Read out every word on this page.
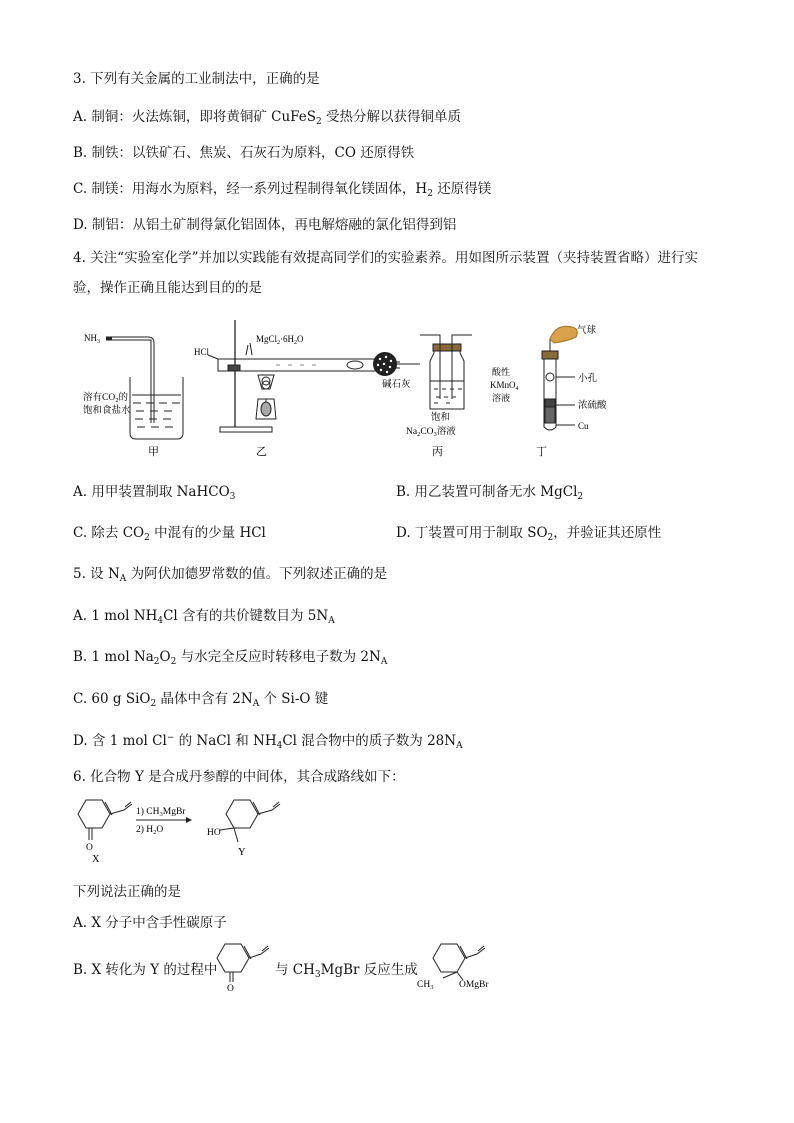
3. 下列有关金属的工业制法中，正确的是
A. 制铜：火法炼铜，即将黄铜矿 CuFeS$_2$ 受热分解以获得铜单质
B. 制铁：以铁矿石、焦炭、石灰石为原料，CO 还原得铁
C. 制镁：用海水为原料，经一系列过程制得氧化镁固体，$H_2$ 还原得镁
D. 制铝：从铝土矿制得氯化铝固体，再电解熔融的氯化铝得到铝
4. 关注“实验室化学”并加以实践能有效提高同学们的实验素养。用如图所示装置（夹持装置省略）进行实
验，操作正确且能达到目的的是
$NH_3$
溶有$CO_2$的
饱和食盐水
甲
HCl
$MgCl_2\cdot 6H_2O$
碱石灰
乙
饱和
$Na_2CO_3$溶液
丙
气球
酸性
KMnO$_4$
溶液
小孔
浓硫酸
Cu
丁
A. 用甲装置制取 NaHCO$_3$	B. 用乙装置可制备无水 MgCl$_2$
C. 除去 $CO_2$ 中混有的少量 HCl	D. 丁装置可用于制取 $SO_2$，并验证其还原性
5. 设 $N_A$ 为阿伏加德罗常数的值。下列叙述正确的是
A. 1 mol $NH_4Cl$ 含有的共价键数目为 $5N_A$
B. 1 mol $Na_2O_2$ 与水完全反应时转移电子数为 $2N_A$
C. 60 g SiO$_2$ 晶体中含有 $2N_A$ 个 Si-O 键
D. 含 1 mol Cl− 的 NaCl 和 $NH_4Cl$ 混合物中的质子数为 $28N_A$
6. 化合物 Y 是合成丹参醇的中间体，其合成路线如下：
O
X
1) $CH_3MgBr$
2) $H_2O$	HO
Y
下列说法正确的是
A. X 分子中含手性碳原子
B. X 转化为 Y 的过程中
O
与 $CH_3MgBr$ 反应生成
$CH_3$	OMgBr
